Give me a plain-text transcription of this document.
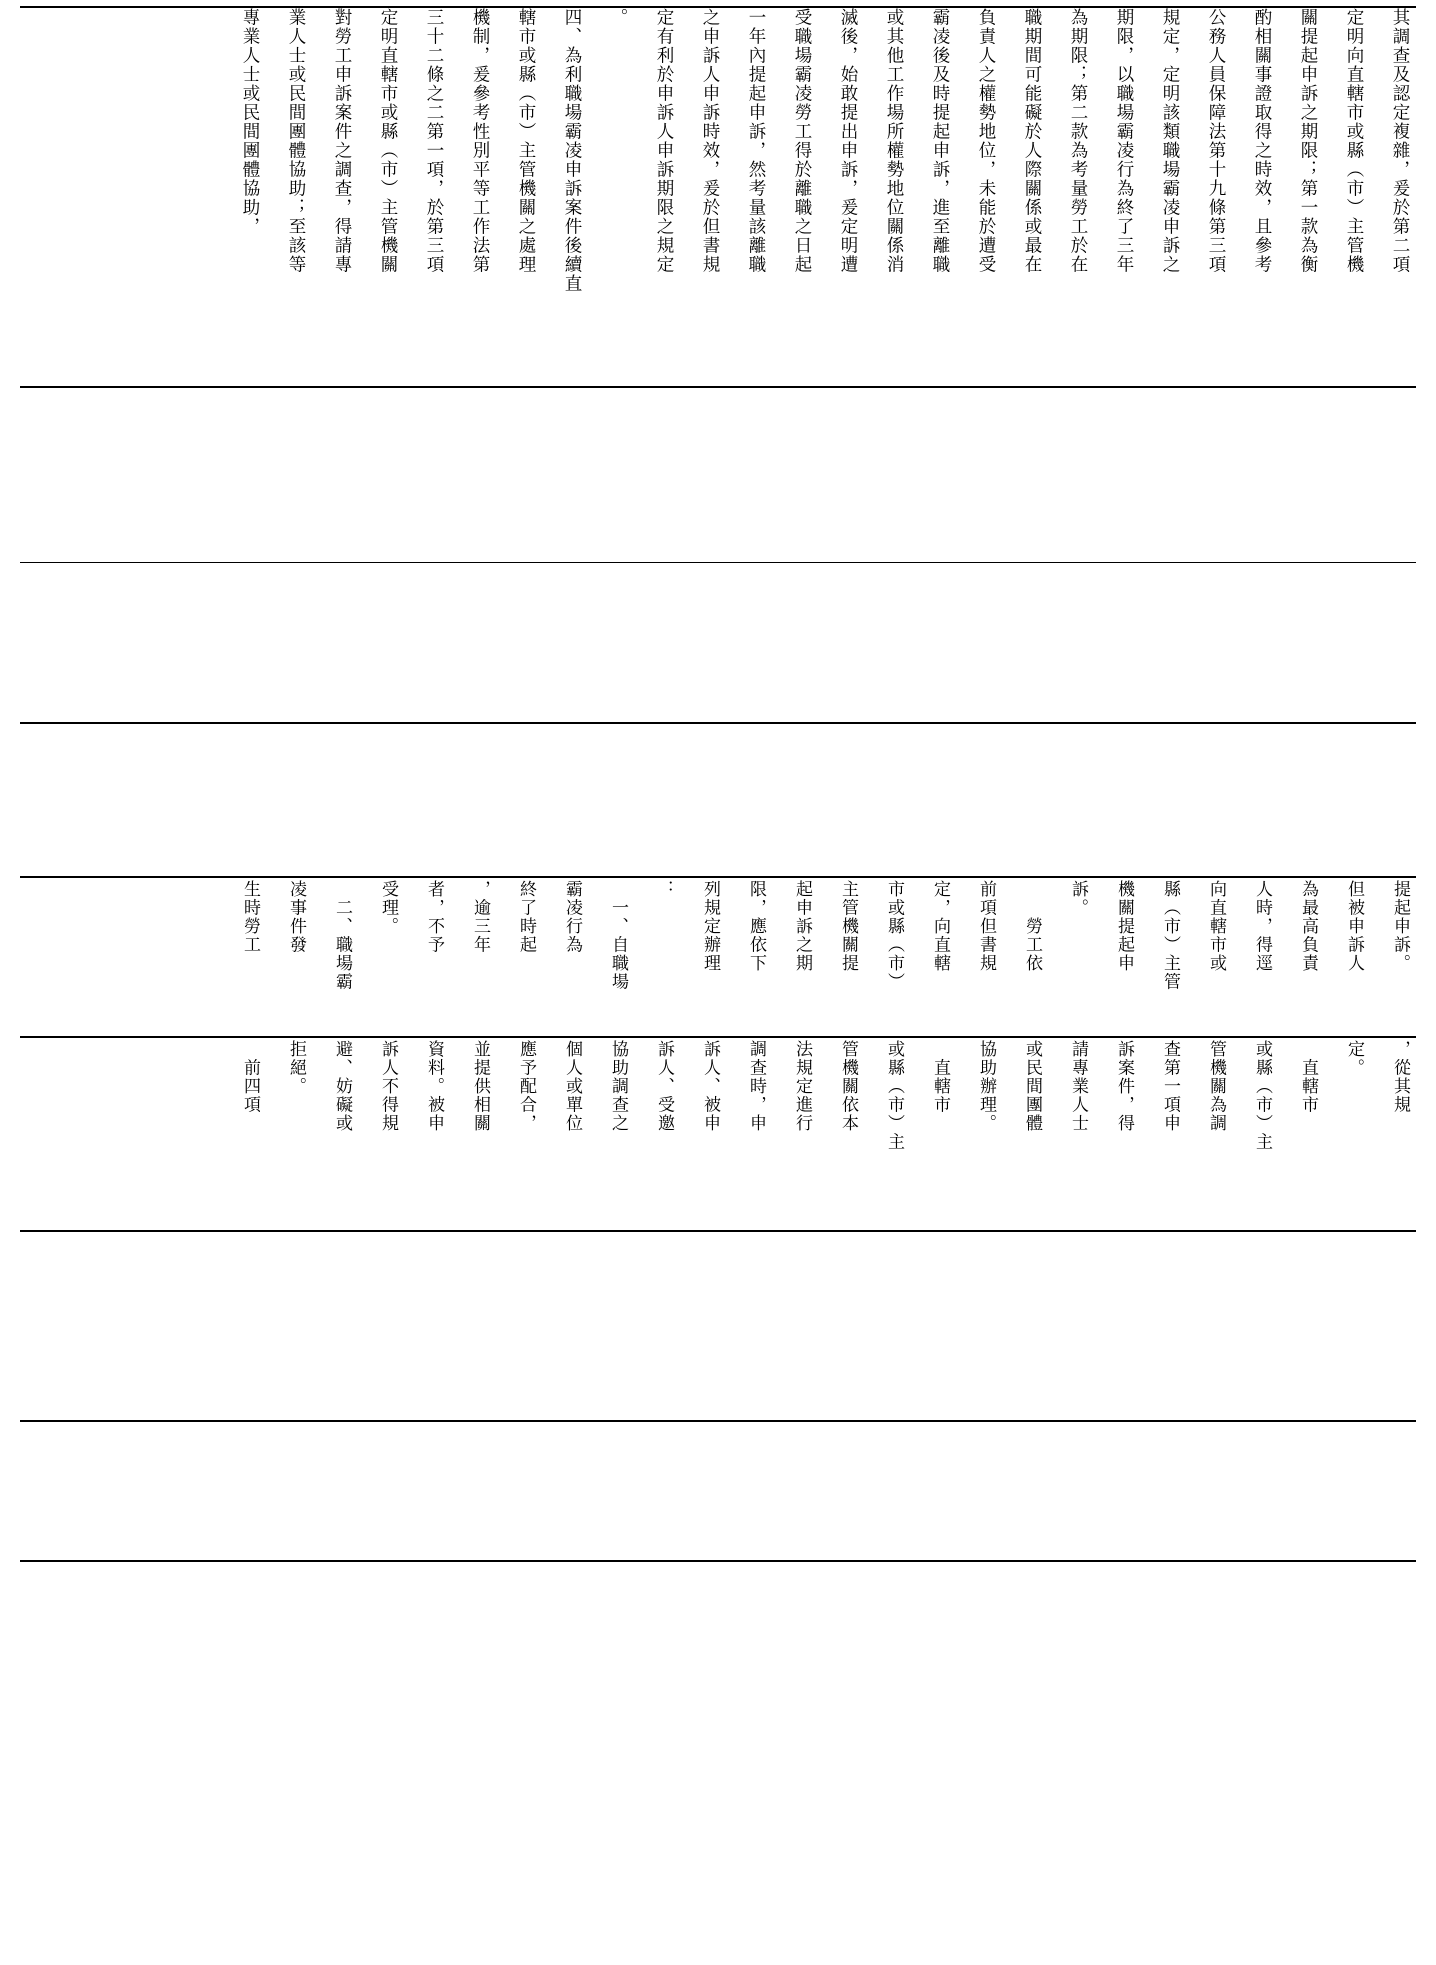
其調查及認定複雜，爰於第二項
定明向直轄市或縣（市）主管機
關提起申訴之期限；第一款為衡
酌相關事證取得之時效，且參考
公務人員保障法第十九條第三項
規定，定明該類職場霸凌申訴之
期限，以職場霸凌行為終了三年
為期限；第二款為考量勞工於在
職期間可能礙於人際關係或最在
負責人之權勢地位，未能於遭受
霸凌後及時提起申訴，進至離職
或其他工作場所權勢地位關係消
滅後，始敢提出申訴，爰定明遭
受職場霸凌勞工得於離職之日起
一年內提起申訴，然考量該離職
之申訴人申訴時效，爰於但書規
定有利於申訴人申訴期限之規定
。
四、為利職場霸凌申訴案件後續直
轄市或縣（市）主管機關之處理
機制，爰參考性別平等工作法第
三十二條之二第一項，於第三項
定明直轄市或縣（市）主管機關
對勞工申訴案件之調查，得請專
業人士或民間團體協助；至該等
專業人士或民間團體協助，
提起申訴。
但被申訴人
為最高負責
人時，得逕
向直轄市或
縣（市）主管
機關提起申
訴。
　　勞工依
前項但書規
定，向直轄
市或縣（市）
主管機關提
起申訴之期
限，應依下
列規定辦理
：
　一、自職場
霸凌行為
終了時起
，逾三年
者，不予
受理。
　二、職場霸
凌事件發
生時勞工
，從其規
定。
　直轄市
或縣（市）主
管機關為調
查第一項申
訴案件，得
請專業人士
或民間團體
協助辦理。
　直轄市
或縣（市）主
管機關依本
法規定進行
調查時，申
訴人、被申
訴人、受邀
協助調查之
個人或單位
應予配合，
並提供相關
資料。被申
訴人不得規
避、妨礙或
拒絕。
　前四項
